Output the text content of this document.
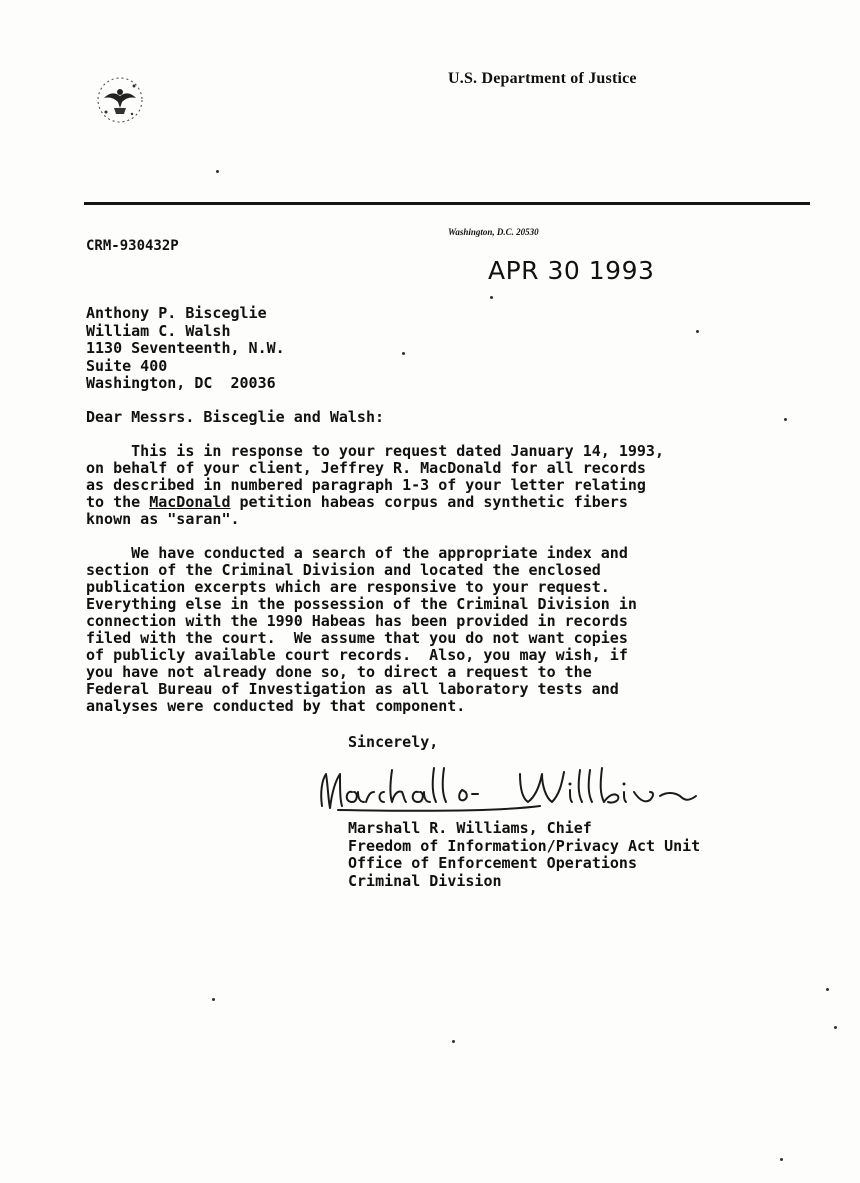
U.S. Department of Justice
CRM-930432P
Washington, D.C. 20530
APR 30 1993
Anthony P. Bisceglie
William C. Walsh
1130 Seventeenth, N.W.
Suite 400
Washington, DC  20036
Dear Messrs. Bisceglie and Walsh:
This is in response to your request dated January 14, 1993,
on behalf of your client, Jeffrey R. MacDonald for all records
as described in numbered paragraph 1-3 of your letter relating
to the MacDonald petition habeas corpus and synthetic fibers
known as "saran".
We have conducted a search of the appropriate index and
section of the Criminal Division and located the enclosed
publication excerpts which are responsive to your request.
Everything else in the possession of the Criminal Division in
connection with the 1990 Habeas has been provided in records
filed with the court.  We assume that you do not want copies
of publicly available court records.  Also, you may wish, if
you have not already done so, to direct a request to the
Federal Bureau of Investigation as all laboratory tests and
analyses were conducted by that component.
Sincerely,
Marshall R. Williams, Chief
Freedom of Information/Privacy Act Unit
Office of Enforcement Operations
Criminal Division
